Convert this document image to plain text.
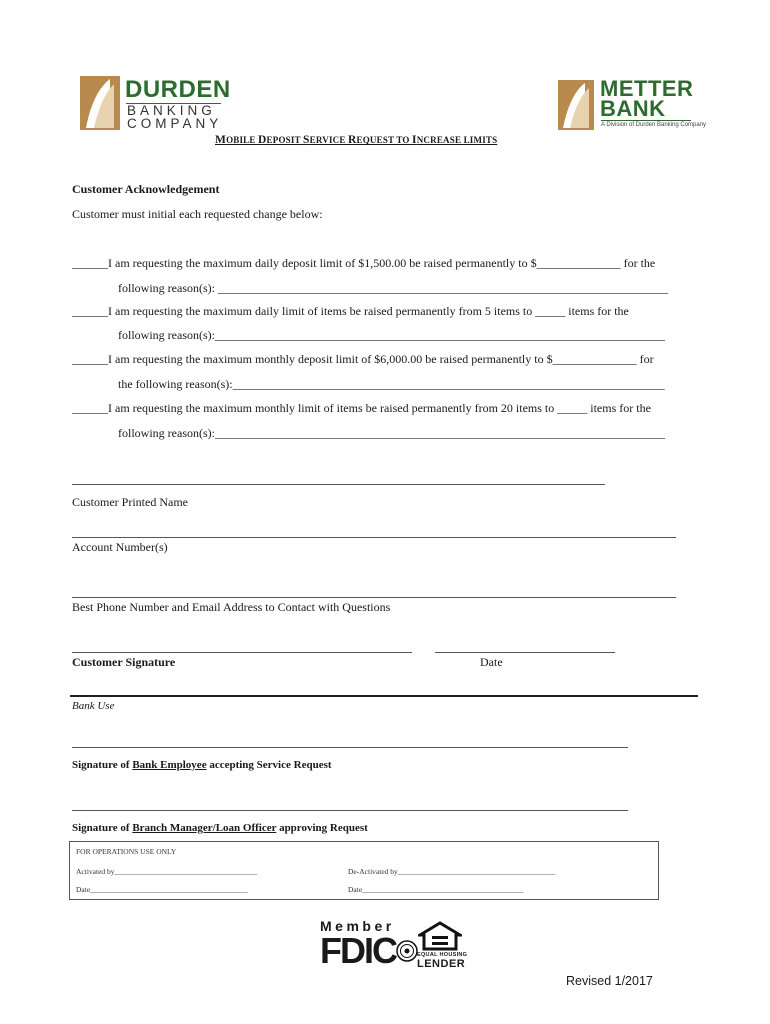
DURDEN
BANKING
COMPANY
METTER
BANK
A Division of Durden Banking Company
MOBILE DEPOSIT SERVICE REQUEST TO INCREASE LIMITS
Customer Acknowledgement
Customer must initial each requested change below:
______I am requesting the maximum daily deposit limit of $1,500.00 be raised permanently to $______________ for the
following reason(s): ___________________________________________________________________________
______I am requesting the maximum daily limit of items be raised permanently from 5 items to _____ items for the
following reason(s):___________________________________________________________________________
______I am requesting the maximum monthly deposit limit of $6,000.00 be raised permanently to $______________ for
the following reason(s):________________________________________________________________________
______I am requesting the maximum monthly limit of items be raised permanently from 20 items to _____ items for the
following reason(s):___________________________________________________________________________
Customer Printed Name
Account Number(s)
Best Phone Number and Email Address to Contact with Questions
Customer Signature	Date
Bank Use
Signature of Bank Employee accepting Service Request
Signature of Branch Manager/Loan Officer approving Request
FOR OPERATIONS USE ONLY
Activated by______________________________________	De-Activated by__________________________________________
Date__________________________________________	Date___________________________________________
Member
FDIC	EQUAL HOUSING
LENDER
Revised 1/2017
